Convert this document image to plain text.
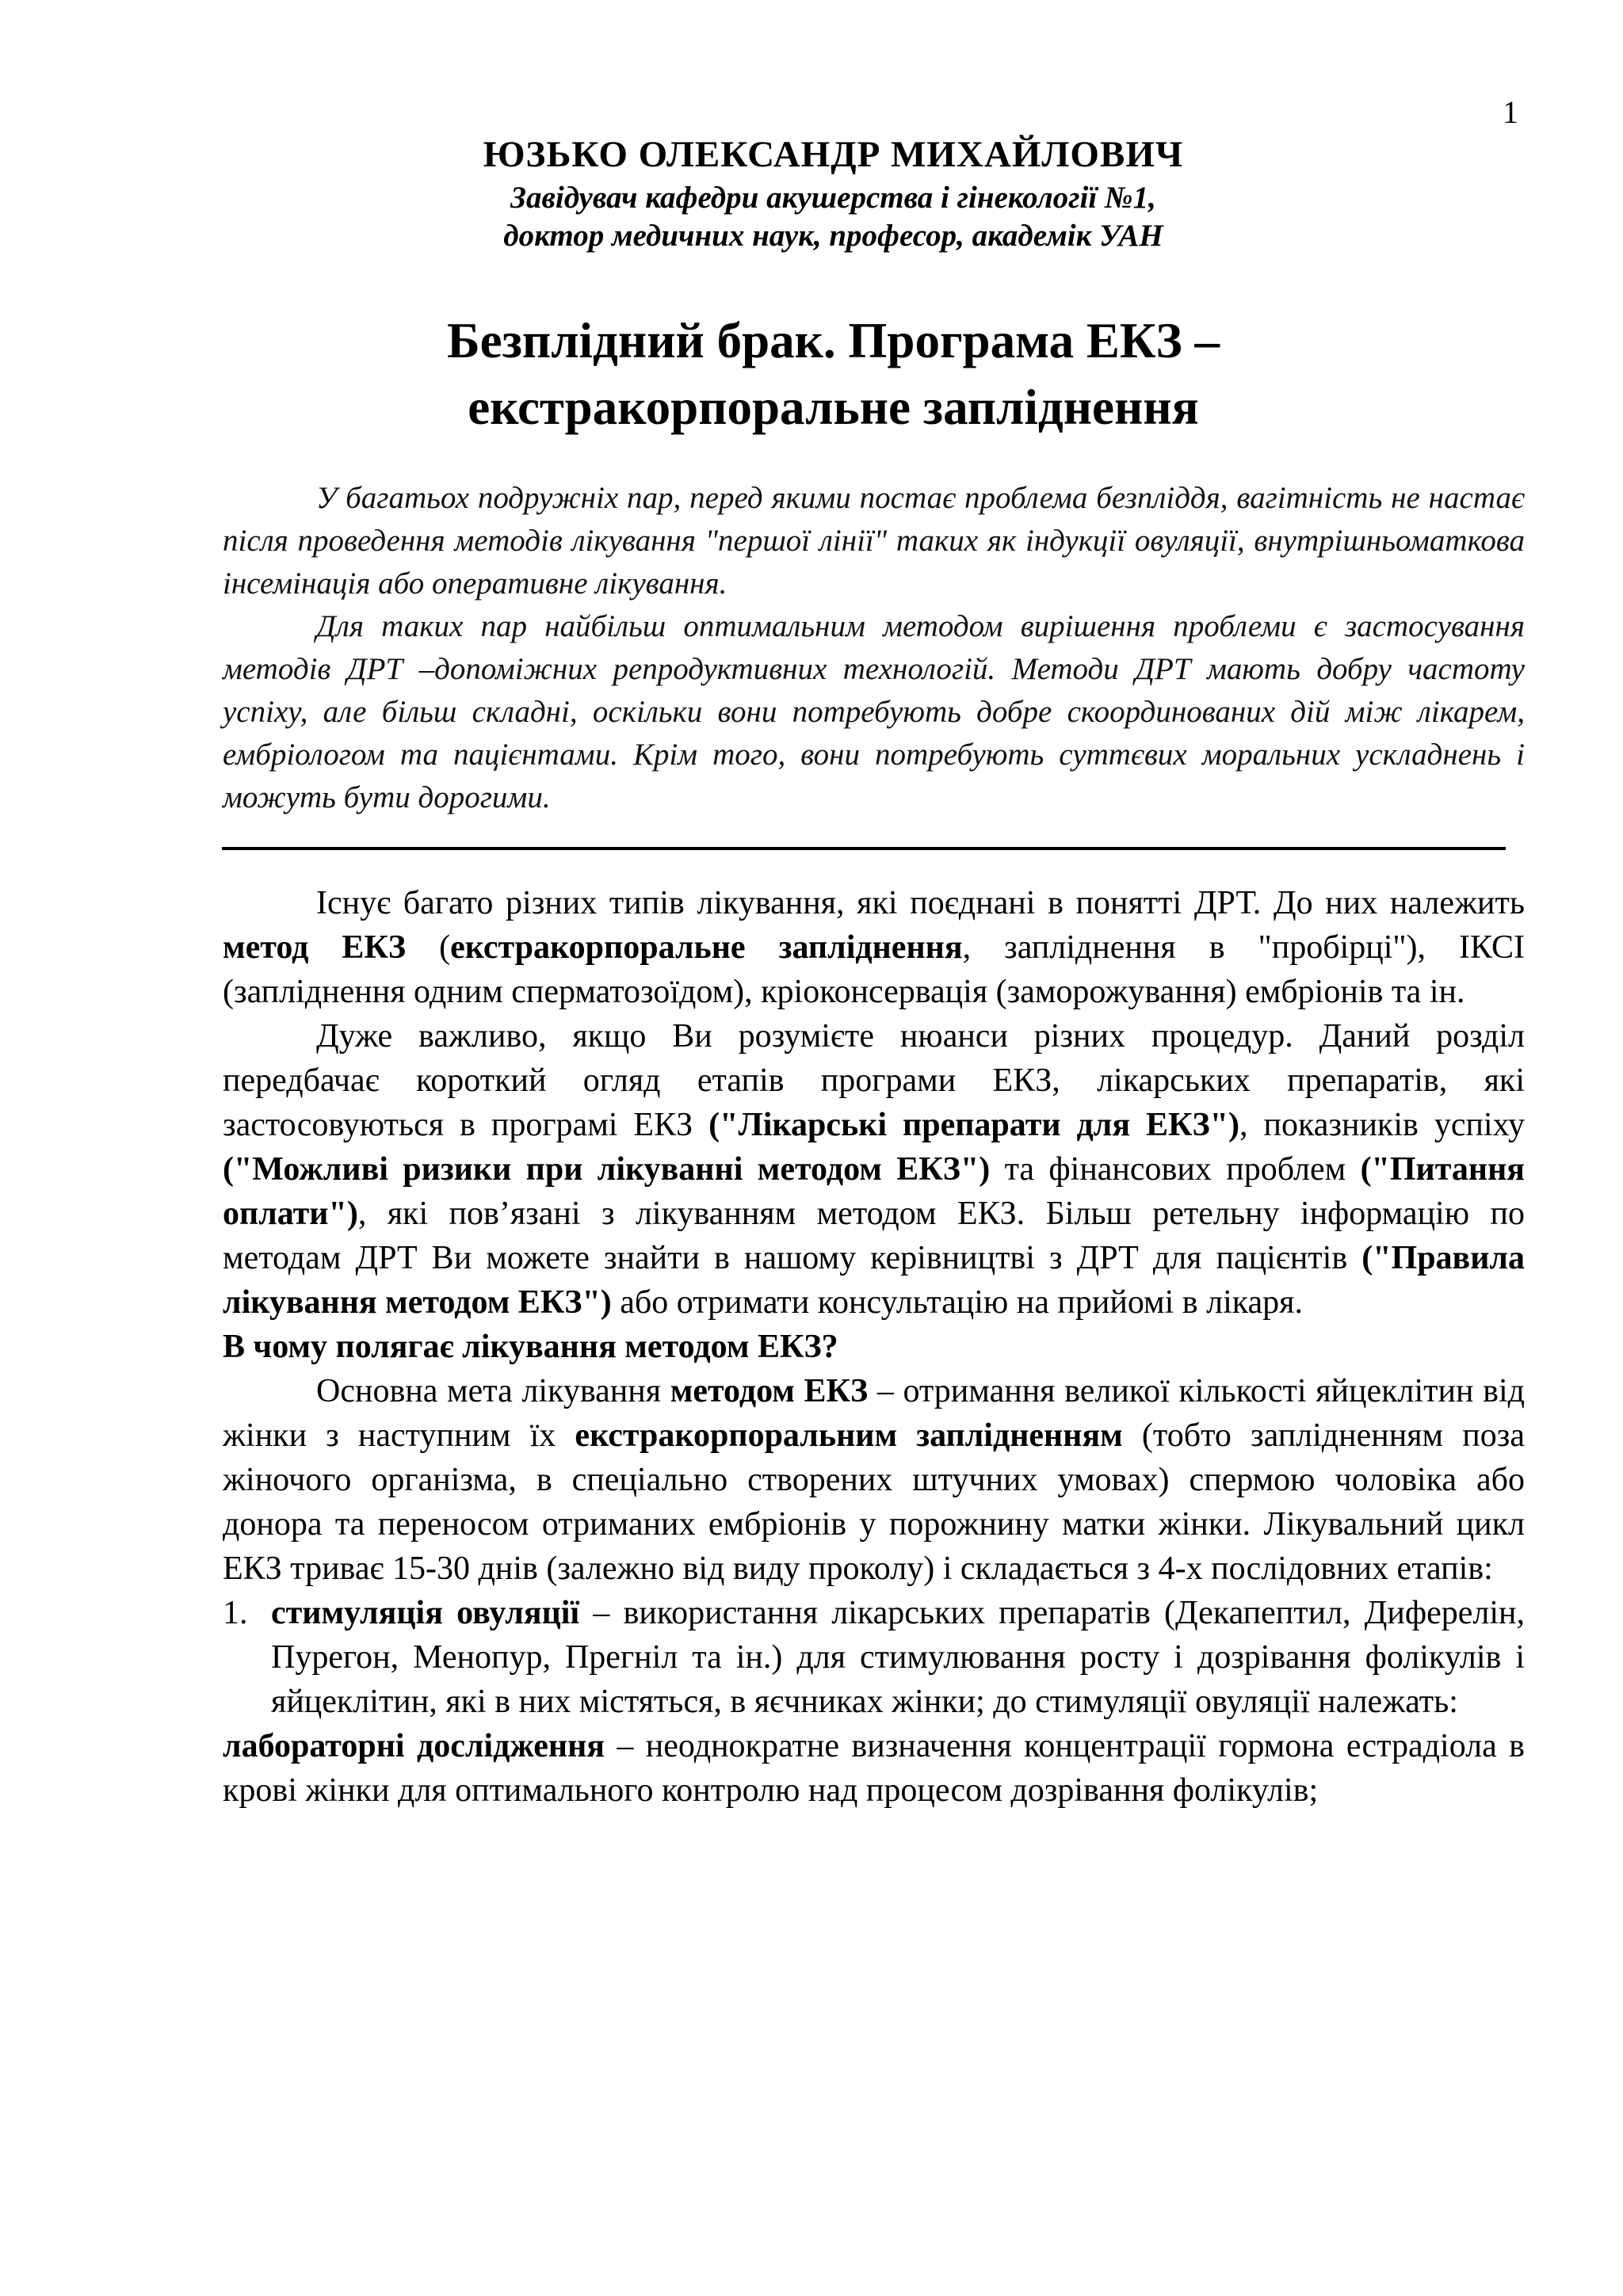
1
ЮЗЬКО ОЛЕКСАНДР МИХАЙЛОВИЧ
Завідувач кафедри акушерства і гінекології №1,
доктор медичних наук, професор, академік УАН
Безплідний брак. Програма ЕКЗ –
екстракорпоральне запліднення

У багатьох подружніх пар, перед якими постає проблема безпліддя, вагітність не настає після проведення методів лікування "першої лінії" таких як індукції овуляції, внутрішньоматкова інсемінація або оперативне лікування.

Для таких пар найбільш оптимальним методом вирішення проблеми є застосування методів ДРТ –допоміжних репродуктивних технологій. Методи ДРТ мають добру частоту успіху, але більш складні, оскільки вони потребують добре скоординованих дій між лікарем, ембріологом та пацієнтами. Крім того, вони потребують суттєвих моральних ускладнень і можуть бути дорогими.

Існує багато різних типів лікування, які поєднані в понятті ДРТ. До них належить метод ЕКЗ (екстракорпоральне запліднення, запліднення в "пробірці"), ІКСІ (запліднення одним сперматозоїдом), кріоконсервація (заморожування) ембріонів та ін.

Дуже важливо, якщо Ви розумієте нюанси різних процедур. Даний розділ передбачає короткий огляд етапів програми ЕКЗ, лікарських препаратів, які застосовуються в програмі ЕКЗ ("Лікарські препарати для ЕКЗ"), показників успіху ("Можливі ризики при лікуванні методом ЕКЗ") та фінансових проблем ("Питання оплати"), які пов’язані з лікуванням методом ЕКЗ. Більш ретельну інформацію по методам ДРТ Ви можете знайти в нашому керівництві з ДРТ для пацієнтів ("Правила лікування методом ЕКЗ") або отримати консультацію на прийомі в лікаря.

В чому полягає лікування методом ЕКЗ?

Основна мета лікування методом ЕКЗ – отримання великої кількості яйцеклітин від жінки з наступним їх екстракорпоральним заплідненням (тобто заплідненням поза жіночого організма, в спеціально створених штучних умовах) спермою чоловіка або донора та переносом отриманих ембріонів у порожнину матки жінки. Лікувальний цикл ЕКЗ триває 15-30 днів (залежно від виду проколу) і складається з 4-х послідовних етапів:

1. стимуляція овуляції – використання лікарських препаратів (Декапептил, Диферелін, Пурегон, Менопур, Прегніл та ін.) для стимулювання росту і дозрівання фолікулів і яйцеклітин, які в них містяться, в яєчниках жінки; до стимуляції овуляції належать:

лабораторні дослідження – неоднократне визначення концентрації гормона естрадіола в крові жінки для оптимального контролю над процесом дозрівання фолікулів;
